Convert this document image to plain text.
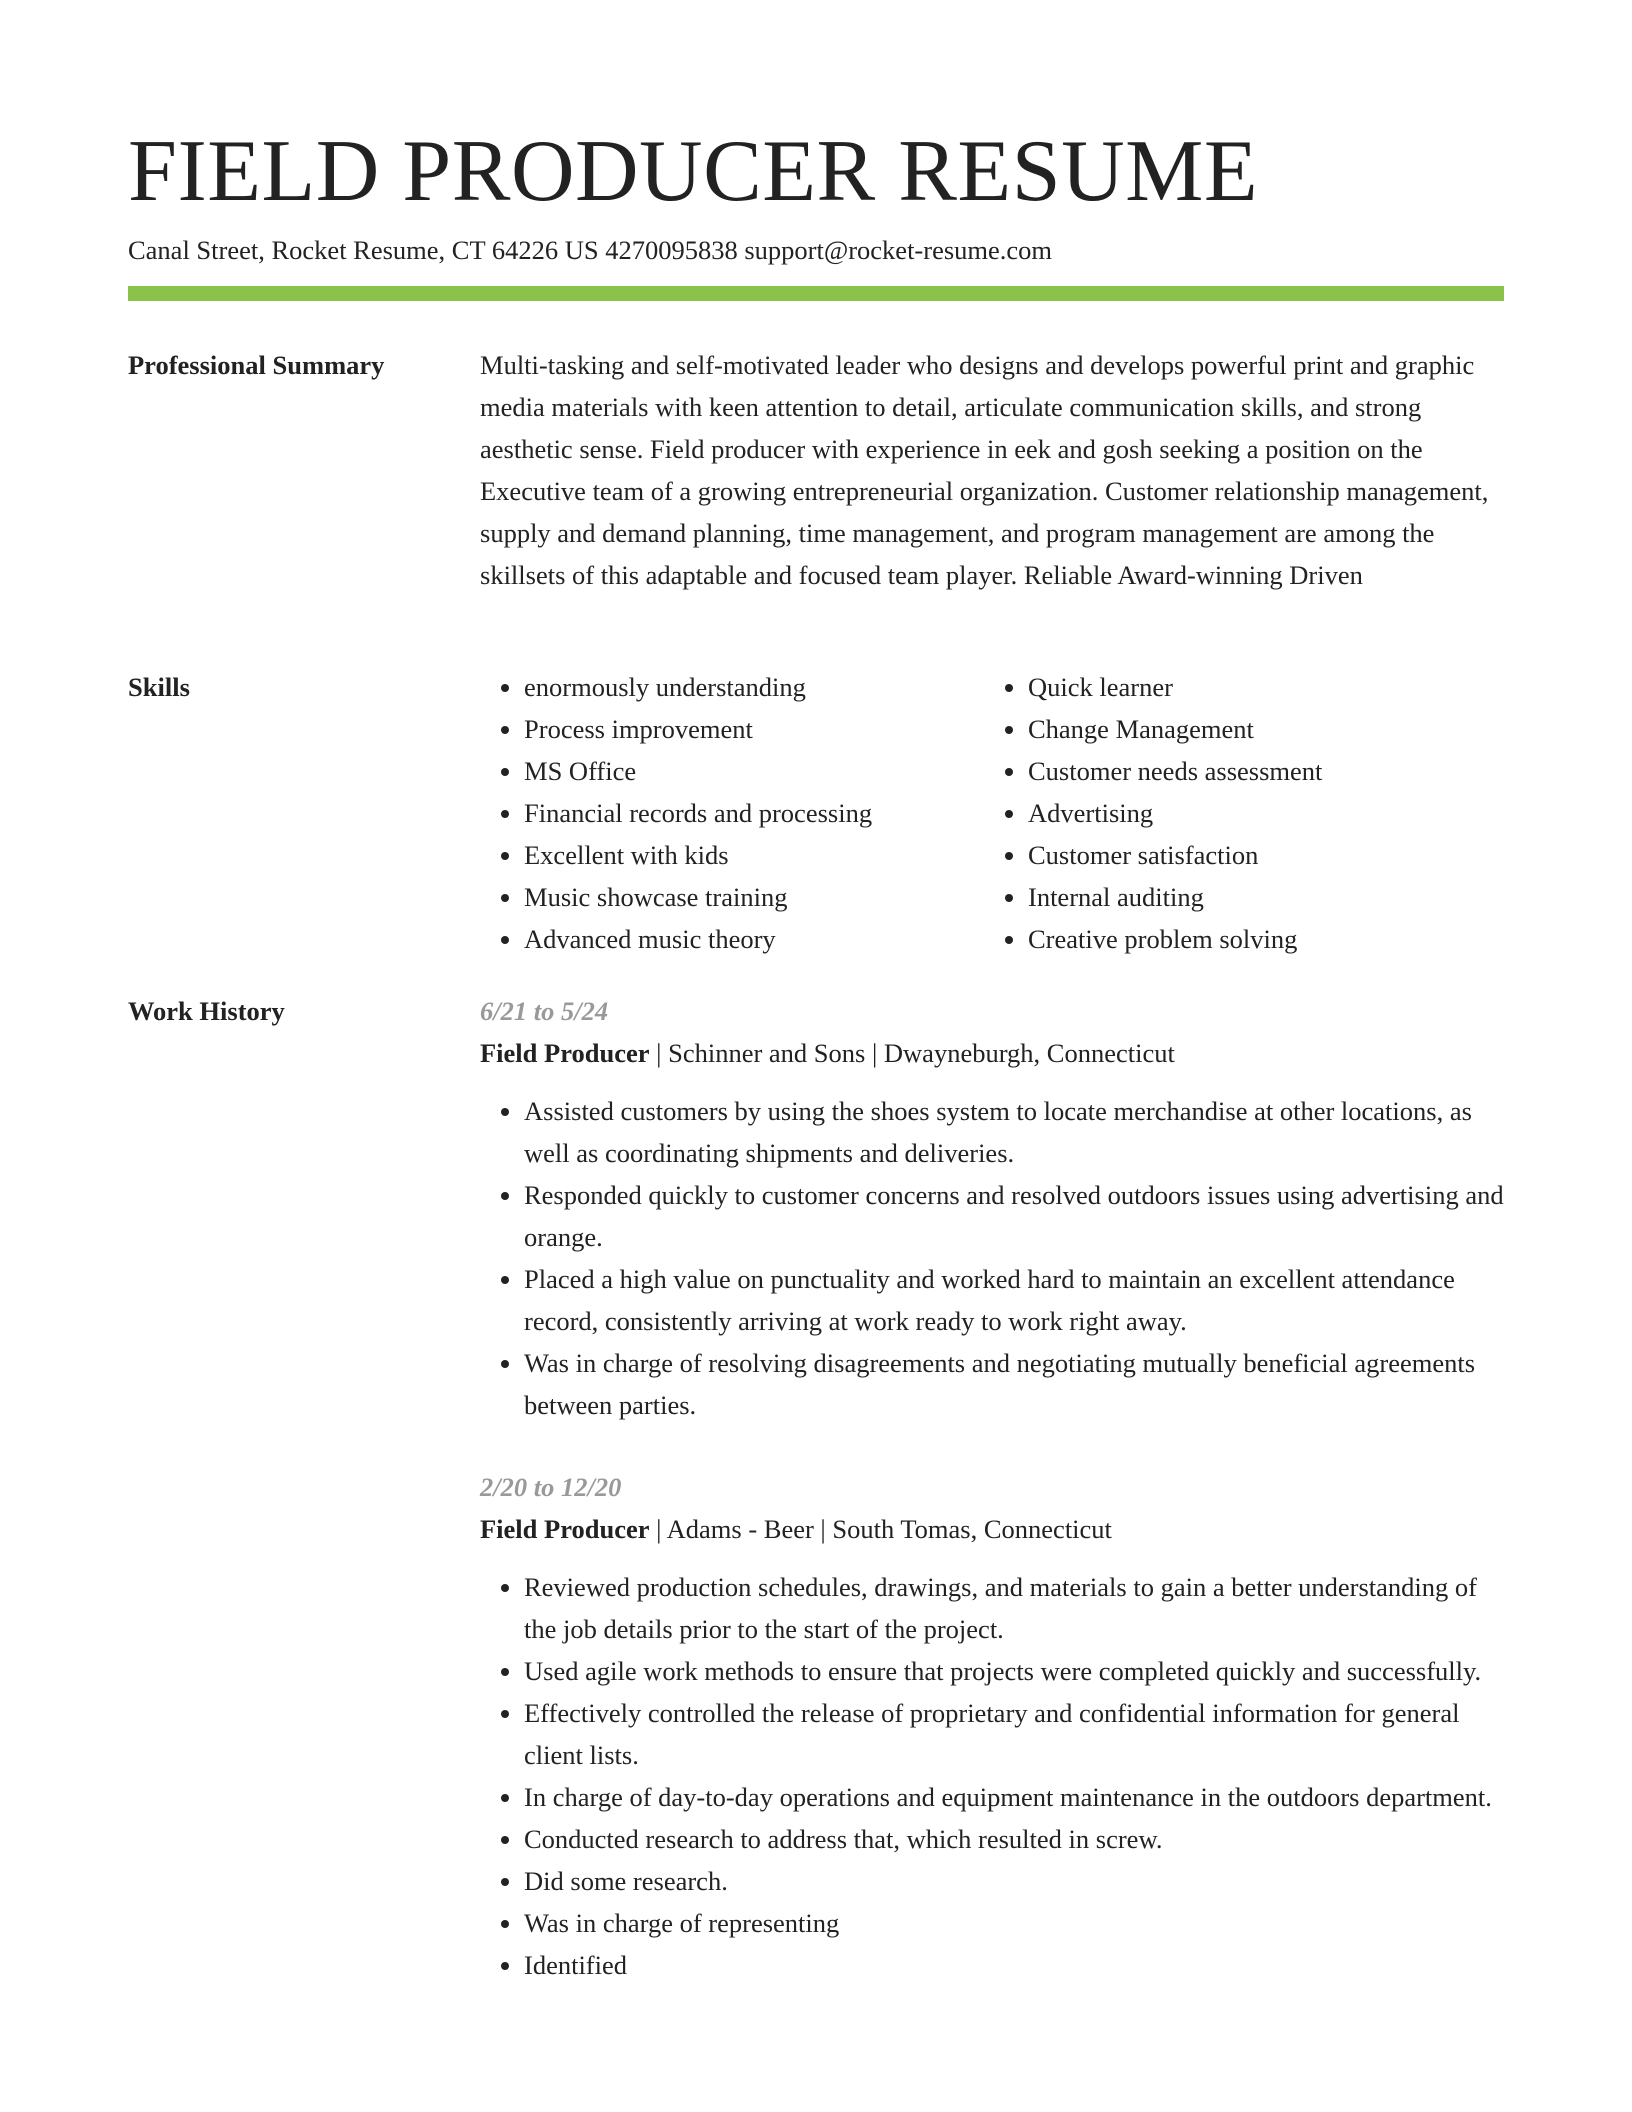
FIELD PRODUCER RESUME
Canal Street, Rocket Resume, CT 64226 US 4270095838 support@rocket-resume.com
Professional Summary	Multi-tasking and self-motivated leader who designs and develops powerful print and graphic media materials with keen attention to detail, articulate communication skills, and strong aesthetic sense. Field producer with experience in eek and gosh seeking a position on the Executive team of a growing entrepreneurial organization. Customer relationship management, supply and demand planning, time management, and program management are among the skillsets of this adaptable and focused team player. Reliable Award-winning Driven

Skills
•	enormously understanding
• Process improvement
• MS Office
• Financial records and processing
• Excellent with kids
• Music showcase training
• Advanced music theory
• Quick learner
• Change Management
• Customer needs assessment
• Advertising
• Customer satisfaction
• Internal auditing
• Creative problem solving
Work History	6/21 to 5/24

Field Producer | Schinner and Sons | Dwayneburgh, Connecticut

• Assisted customers by using the shoes system to locate merchandise at other locations, as well as coordinating shipments and deliveries.
• Responded quickly to customer concerns and resolved outdoors issues using advertising and orange.
• Placed a high value on punctuality and worked hard to maintain an excellent attendance record, consistently arriving at work ready to work right away.
• Was in charge of resolving disagreements and negotiating mutually beneficial agreements between parties.

2/20 to 12/20

Field Producer | Adams - Beer | South Tomas, Connecticut

• Reviewed production schedules, drawings, and materials to gain a better understanding of the job details prior to the start of the project.
• Used agile work methods to ensure that projects were completed quickly and successfully.
• Effectively controlled the release of proprietary and confidential information for general client lists.
• In charge of day-to-day operations and equipment maintenance in the outdoors department.
• Conducted research to address that, which resulted in screw.
• Did some research.
• Was in charge of representing
• Identified
